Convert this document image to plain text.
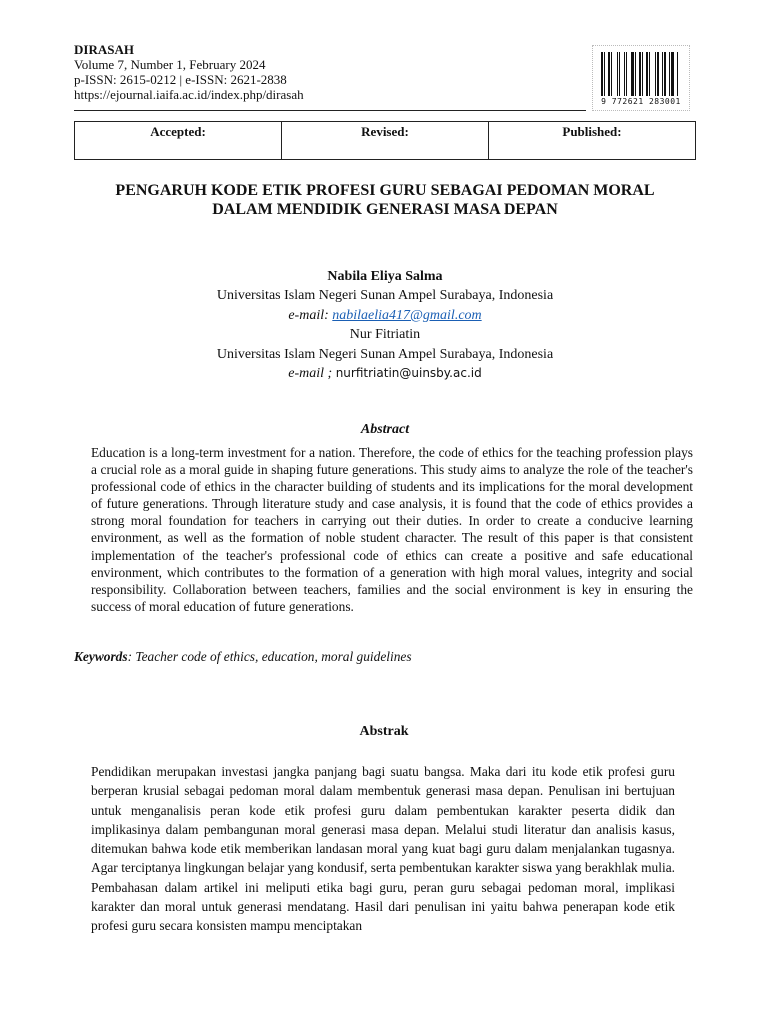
DIRASAH
Volume 7, Number 1, February 2024
p-ISSN: 2615-0212 | e-ISSN: 2621-2838
https://ejournal.iaifa.ac.id/index.php/dirasah	9 772621 283001
Accepted:	Revised:	Published:
PENGARUH KODE ETIK PROFESI GURU SEBAGAI PEDOMAN MORAL
DALAM MENDIDIK GENERASI MASA DEPAN
Nabila Eliya Salma
Universitas Islam Negeri Sunan Ampel Surabaya, Indonesia
e-mail: nabilaelia417@gmail.com
Nur Fitriatin
Universitas Islam Negeri Sunan Ampel Surabaya, Indonesia
e-mail ; nurfitriatin@uinsby.ac.id
Abstract
Education is a long-term investment for a nation. Therefore, the code of ethics for the teaching profession plays a crucial role as a moral guide in shaping future generations. This study aims to analyze the role of the teacher's professional code of ethics in the character building of students and its implications for the moral development of future generations. Through literature study and case analysis, it is found that the code of ethics provides a strong moral foundation for teachers in carrying out their duties. In order to create a conducive learning environment, as well as the formation of noble student character. The result of this paper is that consistent implementation of the teacher's professional code of ethics can create a positive and safe educational environment, which contributes to the formation of a generation with high moral values, integrity and social responsibility. Collaboration between teachers, families and the social environment is key in ensuring the success of moral education of future generations.
Keywords: Teacher code of ethics, education, moral guidelines
Abstrak
Pendidikan merupakan investasi jangka panjang bagi suatu bangsa. Maka dari itu kode etik profesi guru berperan krusial sebagai pedoman moral dalam membentuk generasi masa depan. Penulisan ini bertujuan untuk menganalisis peran kode etik profesi guru dalam pembentukan karakter peserta didik dan implikasinya dalam pembangunan moral generasi masa depan. Melalui studi literatur dan analisis kasus, ditemukan bahwa kode etik memberikan landasan moral yang kuat bagi guru dalam menjalankan tugasnya. Agar terciptanya lingkungan belajar yang kondusif, serta pembentukan karakter siswa yang berakhlak mulia. Pembahasan dalam artikel ini meliputi etika bagi guru, peran guru sebagai pedoman moral, implikasi karakter dan moral untuk generasi mendatang. Hasil dari penulisan ini yaitu bahwa penerapan kode etik profesi guru secara konsisten mampu menciptakan
